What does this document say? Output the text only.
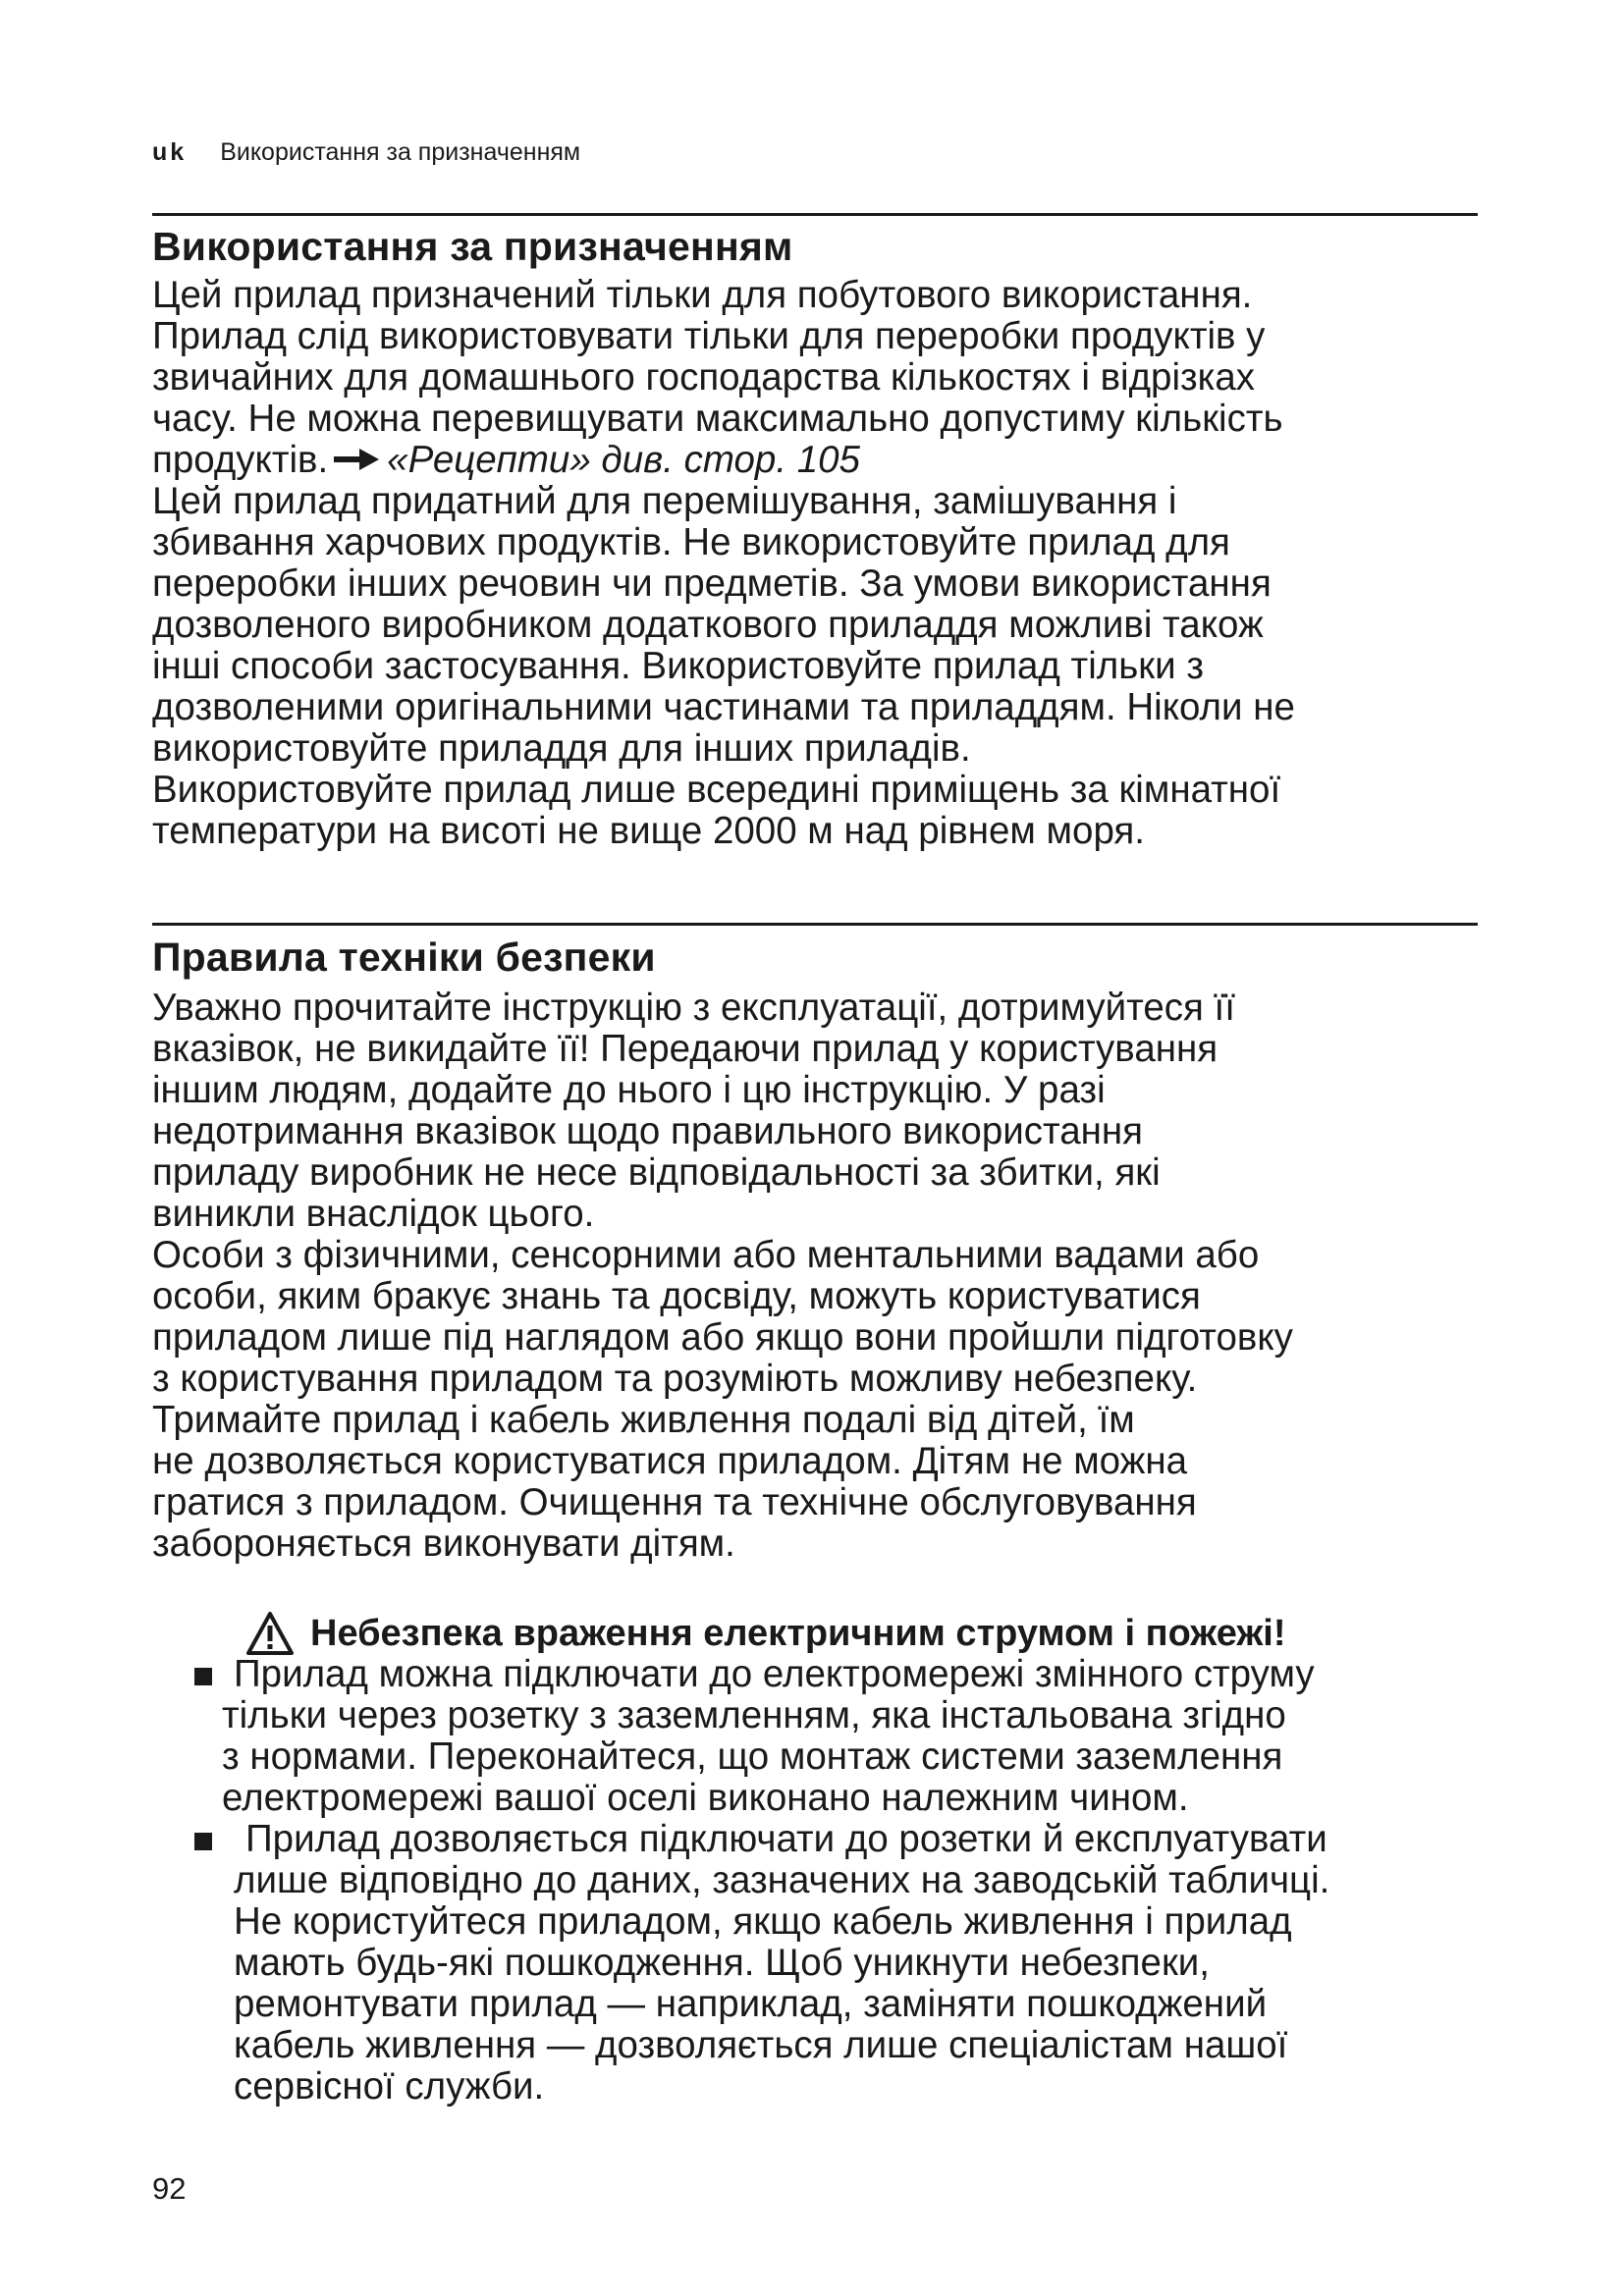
uk Використання за призначенням
Використання за призначенням
Цей прилад призначений тільки для побутового використання.
Прилад слід використовувати тільки для переробки продуктів у
звичайних для домашнього господарства кількостях і відрізках
часу. Не можна перевищувати максимально допустиму кількість
продуктів. «Рецепти» див. стор. 105
Цей прилад придатний для перемішування, замішування і
збивання харчових продуктів. Не використовуйте прилад для
переробки інших речовин чи предметів. За умови використання
дозволеного виробником додаткового приладдя можливі також
інші способи застосування. Використовуйте прилад тільки з
дозволеними оригінальними частинами та приладдям. Ніколи не
використовуйте приладдя для інших приладів.
Використовуйте прилад лише всередині приміщень за кімнатної
температури на висоті не вище 2000 м над рівнем моря.
Правила техніки безпеки
Уважно прочитайте інструкцію з експлуатації, дотримуйтеся її
вказівок, не викидайте її! Передаючи прилад у користування
іншим людям, додайте до нього і цю інструкцію. У разі
недотримання вказівок щодо правильного використання
приладу виробник не несе відповідальності за збитки, які
виникли внаслідок цього.
Особи з фізичними, сенсорними або ментальними вадами або
особи, яким бракує знань та досвіду, можуть користуватися
приладом лише під наглядом або якщо вони пройшли підготовку
з користування приладом та розуміють можливу небезпеку.
Тримайте прилад і кабель живлення подалі від дітей, їм
не дозволяється користуватися приладом. Дітям не можна
гратися з приладом. Очищення та технічне обслуговування
забороняється виконувати дітям.
Небезпека враження електричним струмом і пожежі!
Прилад можна підключати до електромережі змінного струму
тільки через розетку з заземленням, яка інстальована згідно
з нормами. Переконайтеся, що монтаж системи заземлення
електромережі вашої оселі виконано належним чином.
Прилад дозволяється підключати до розетки й експлуатувати
лише відповідно до даних, зазначених на заводській табличці.
Не користуйтеся приладом, якщо кабель живлення і прилад
мають будь-які пошкодження. Щоб уникнути небезпеки,
ремонтувати прилад — наприклад, заміняти пошкоджений
кабель живлення — дозволяється лише спеціалістам нашої
сервісної служби.
92
